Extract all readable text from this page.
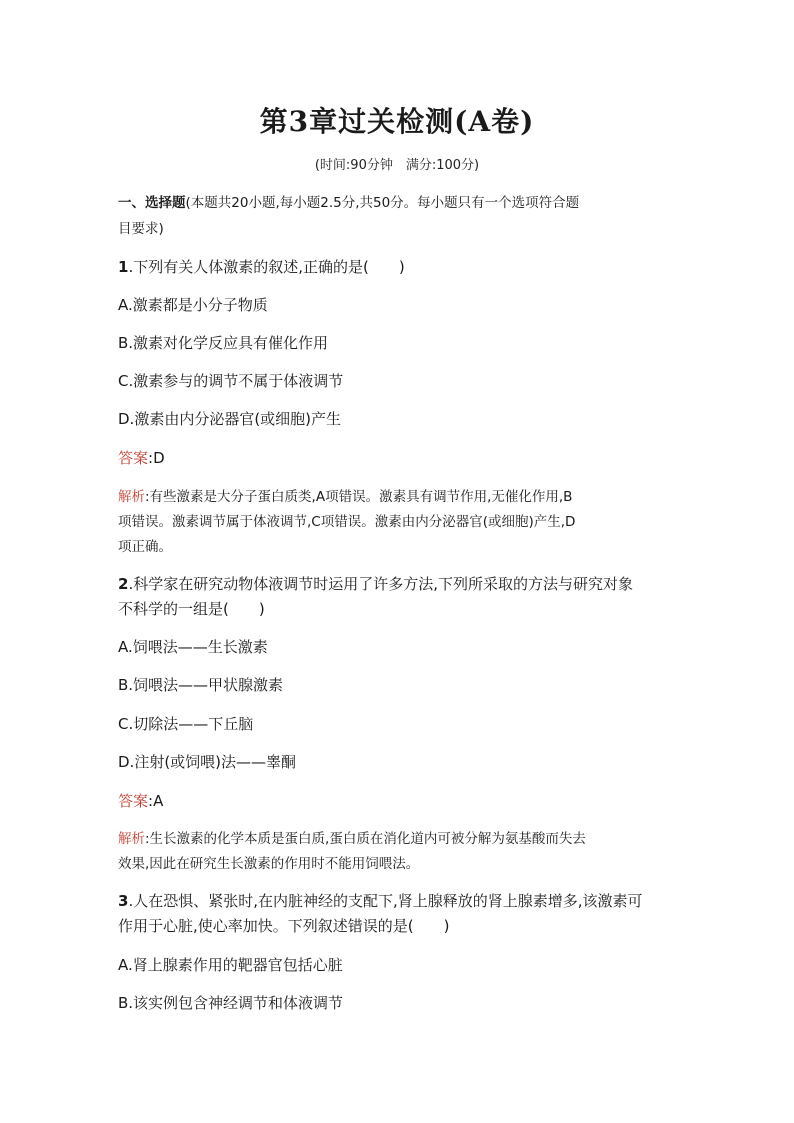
第3章过关检测(A卷)
(时间:90分钟　满分:100分)
一、选择题(本题共20小题,每小题2.5分,共50分。每小题只有一个选项符合题
目要求)
1.下列有关人体激素的叙述,正确的是(　　)
A.激素都是小分子物质
B.激素对化学反应具有催化作用
C.激素参与的调节不属于体液调节
D.激素由内分泌器官(或细胞)产生
答案:D
解析:有些激素是大分子蛋白质类,A项错误。激素具有调节作用,无催化作用,B
项错误。激素调节属于体液调节,C项错误。激素由内分泌器官(或细胞)产生,D
项正确。
2.科学家在研究动物体液调节时运用了许多方法,下列所采取的方法与研究对象
不科学的一组是(　　)
A.饲喂法——生长激素
B.饲喂法——甲状腺激素
C.切除法——下丘脑
D.注射(或饲喂)法——睾酮
答案:A
解析:生长激素的化学本质是蛋白质,蛋白质在消化道内可被分解为氨基酸而失去
效果,因此在研究生长激素的作用时不能用饲喂法。
3.人在恐惧、紧张时,在内脏神经的支配下,肾上腺释放的肾上腺素增多,该激素可
作用于心脏,使心率加快。下列叙述错误的是(　　)
A.肾上腺素作用的靶器官包括心脏
B.该实例包含神经调节和体液调节
